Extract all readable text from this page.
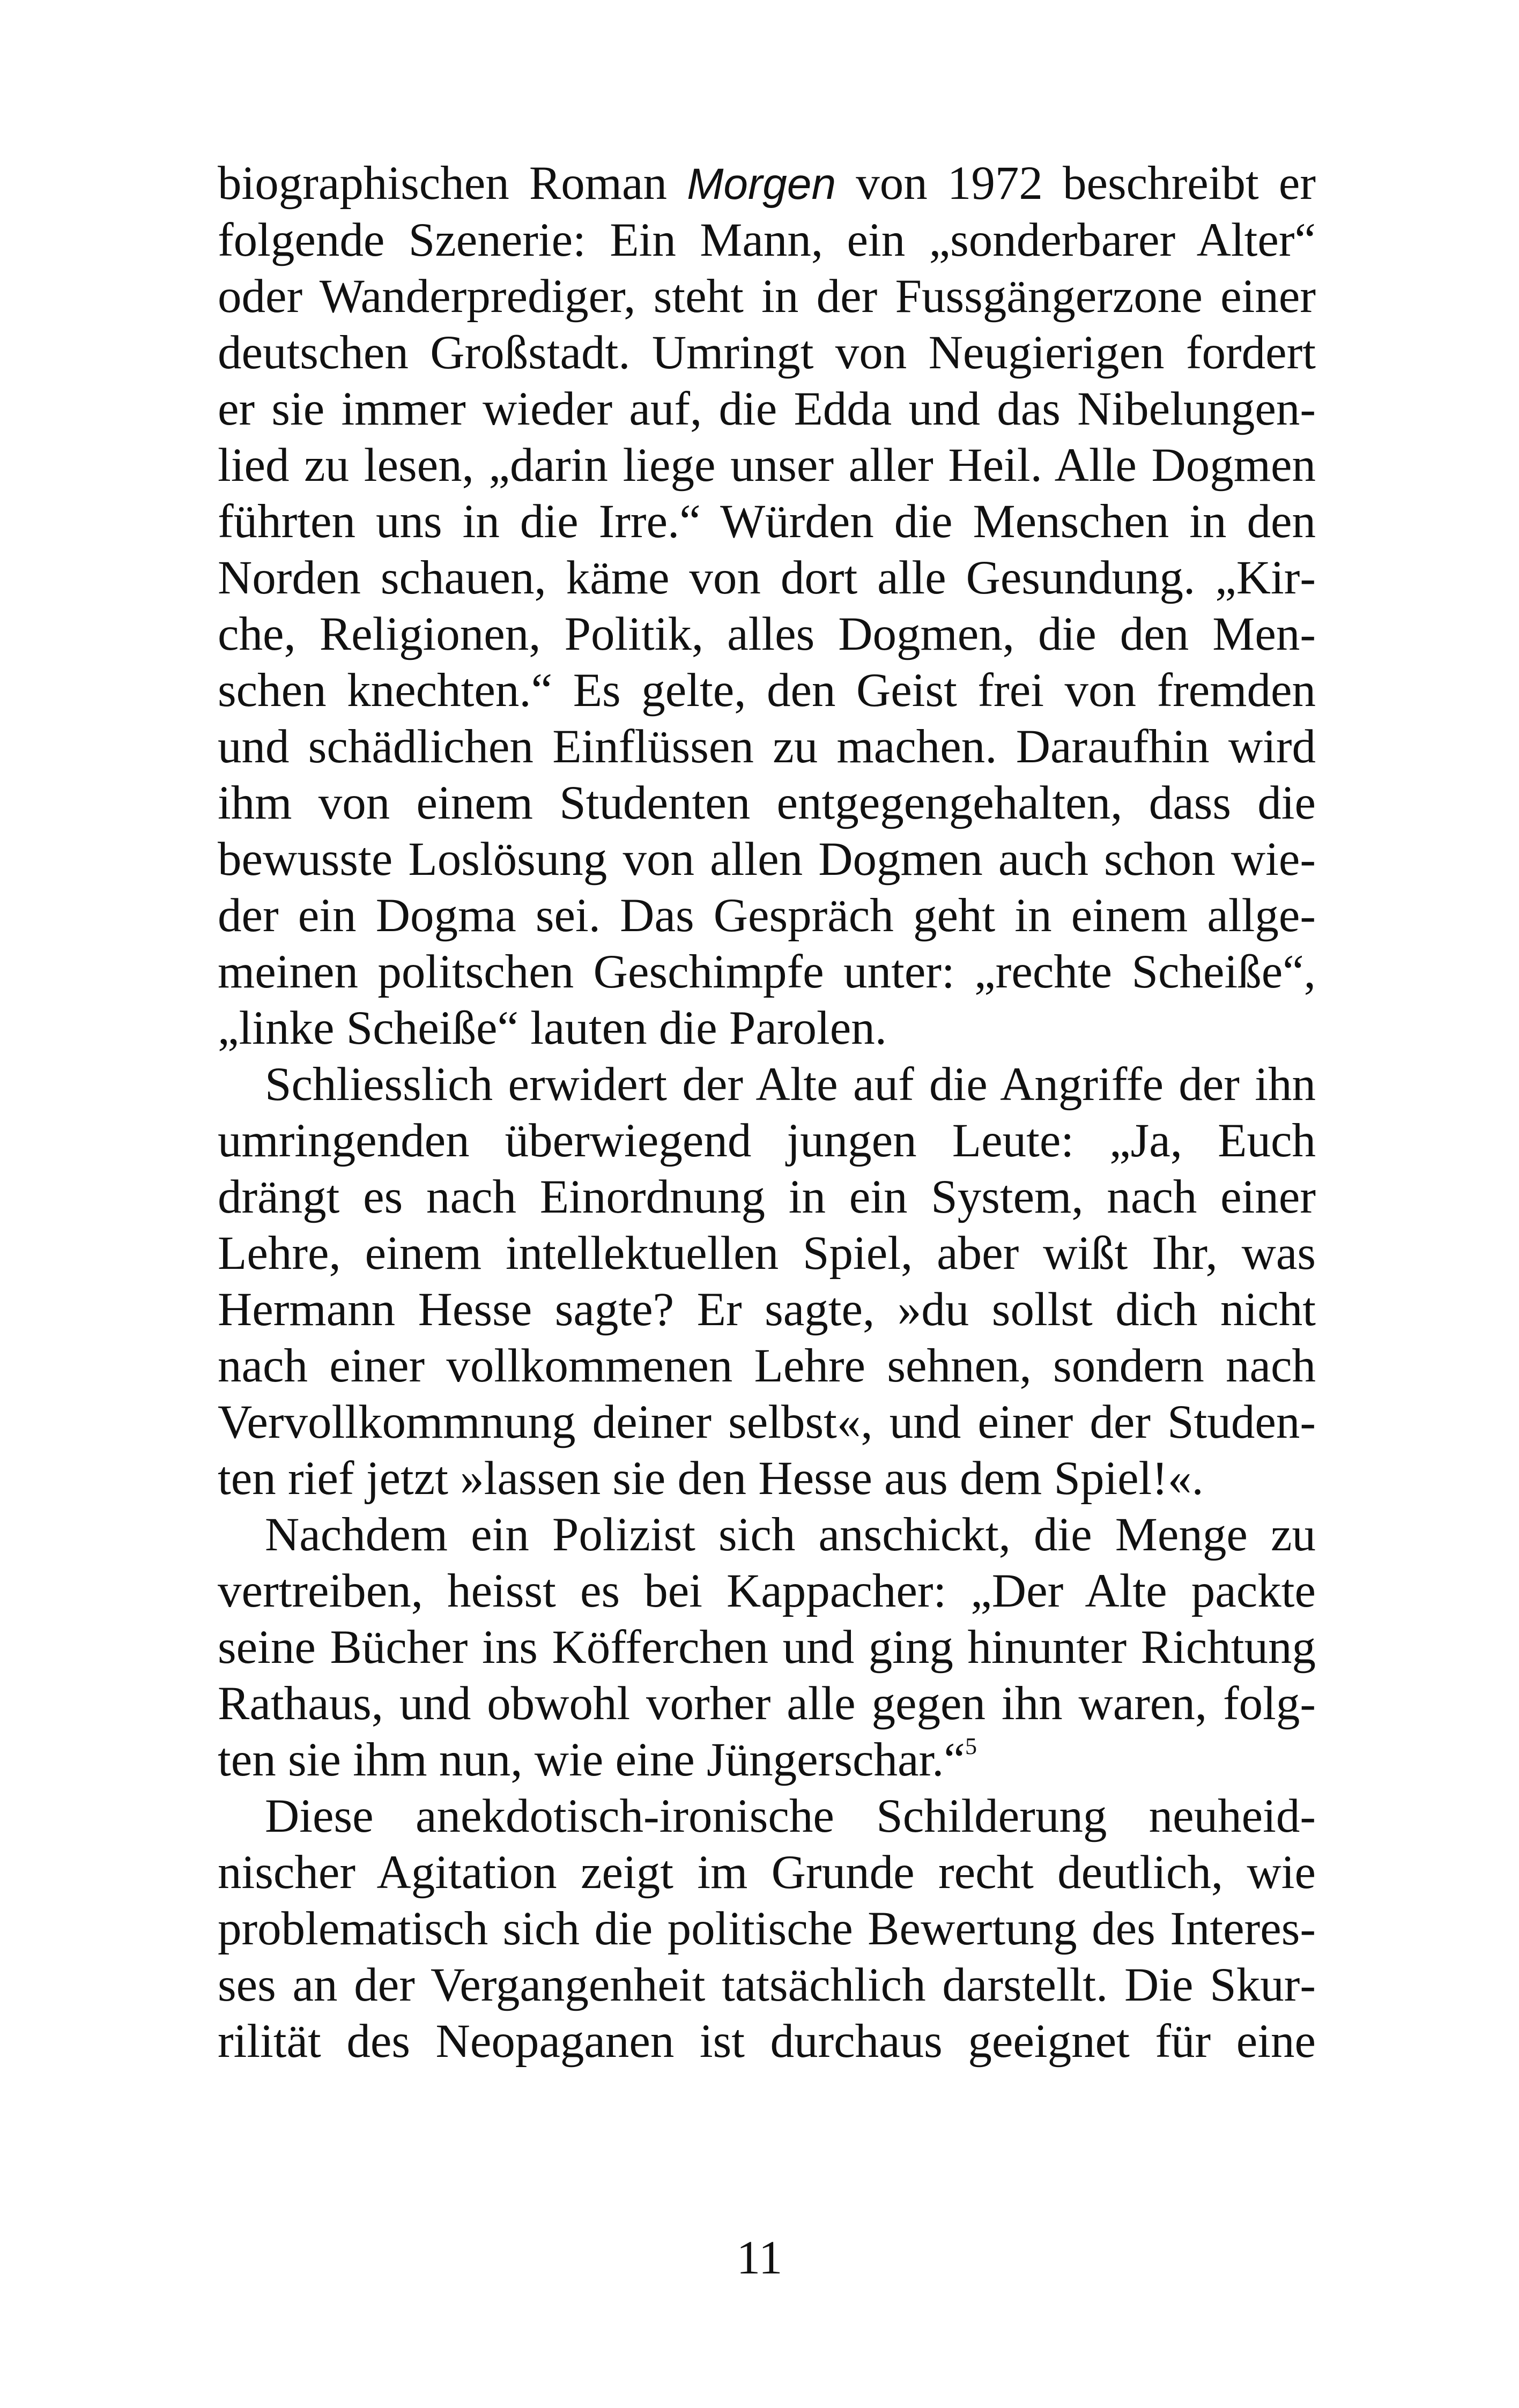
biographischen Roman Morgen von 1972 beschreibt er folgende Szenerie: Ein Mann, ein „sonderbarer Alter“ oder Wanderprediger, steht in der Fussgängerzone einer deutschen Großstadt. Umringt von Neugierigen fordert er sie immer wieder auf, die Edda und das Nibelungenlied zu lesen, „darin liege unser aller Heil. Alle Dogmen führten uns in die Irre.“ Würden die Menschen in den Norden schauen, käme von dort alle Gesundung. „Kirche, Religionen, Politik, alles Dogmen, die den Menschen knechten.“ Es gelte, den Geist frei von fremden und schädlichen Einflüssen zu machen. Daraufhin wird ihm von einem Studenten entgegengehalten, dass die bewusste Loslösung von allen Dogmen auch schon wieder ein Dogma sei. Das Gespräch geht in einem allgemeinen politschen Geschimpfe unter: „rechte Scheiße“, „linke Scheiße“ lauten die Parolen.

Schliesslich erwidert der Alte auf die Angriffe der ihn umringenden überwiegend jungen Leute: „Ja, Euch drängt es nach Einordnung in ein System, nach einer Lehre, einem intellektuellen Spiel, aber wißt Ihr, was Hermann Hesse sagte? Er sagte, »du sollst dich nicht nach einer vollkommenen Lehre sehnen, sondern nach Vervollkommnung deiner selbst«, und einer der Studenten rief jetzt »lassen sie den Hesse aus dem Spiel!«.

Nachdem ein Polizist sich anschickt, die Menge zu vertreiben, heisst es bei Kappacher: „Der Alte packte seine Bücher ins Köfferchen und ging hinunter Richtung Rathaus, und obwohl vorher alle gegen ihn waren, folgten sie ihm nun, wie eine Jüngerschar.“$^5$

Diese anekdotisch-ironische Schilderung neuheidnischer Agitation zeigt im Grunde recht deutlich, wie problematisch sich die politische Bewertung des Interesses an der Vergangenheit tatsächlich darstellt. Die Skurrilität des Neopaganen ist durchaus geeignet für eine

11
